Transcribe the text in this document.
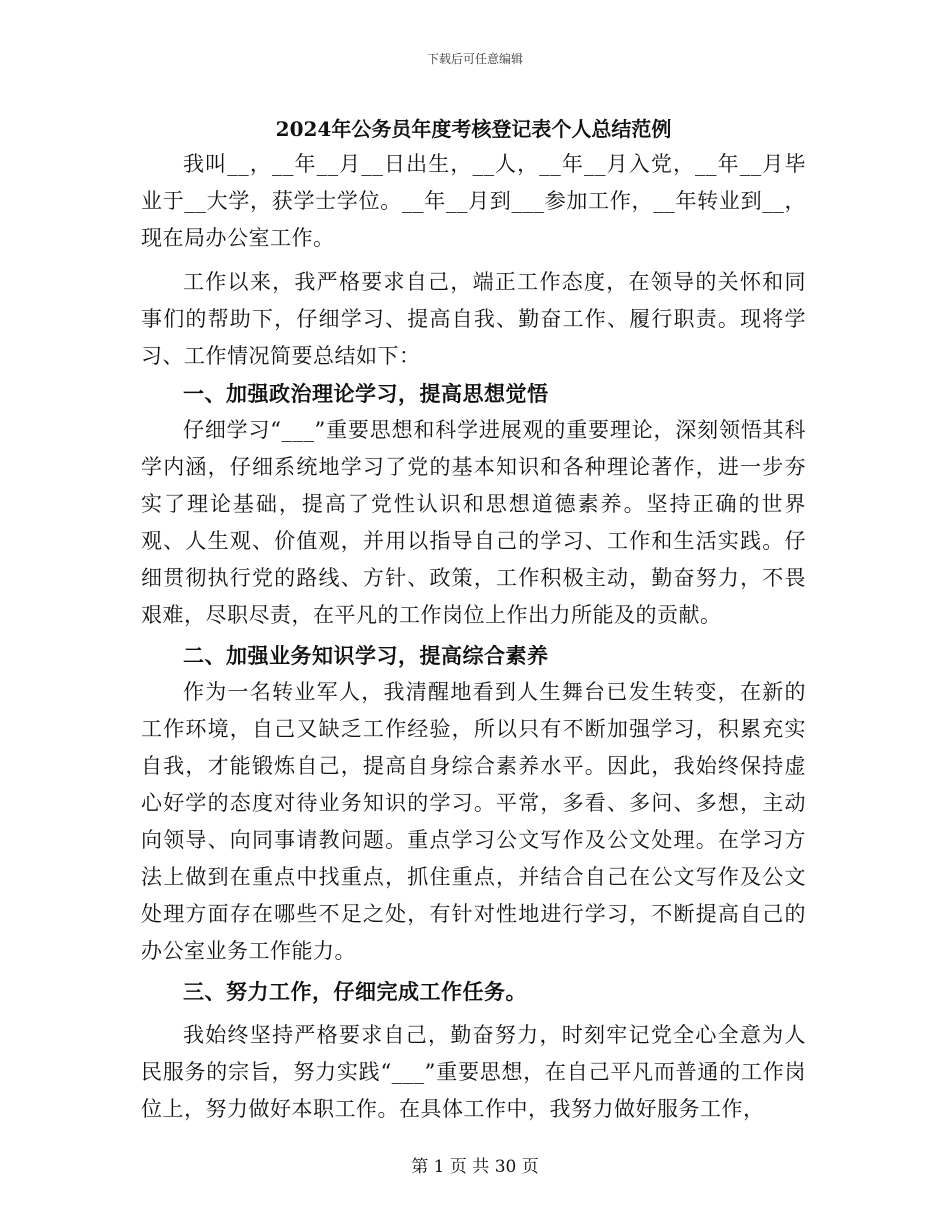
下载后可任意编辑
2024年公务员年度考核登记表个人总结范例

我叫__，__年__月__日出生，__人，__年__月入党，__年__月毕业于__大学，获学士学位。__年__月到___参加工作，__年转业到__，现在局办公室工作。

工作以来，我严格要求自己，端正工作态度，在领导的关怀和同事们的帮助下，仔细学习、提高自我、勤奋工作、履行职责。现将学习、工作情况简要总结如下：

一、加强政治理论学习，提高思想觉悟

仔细学习“___”重要思想和科学进展观的重要理论，深刻领悟其科学内涵，仔细系统地学习了党的基本知识和各种理论著作，进一步夯实了理论基础，提高了党性认识和思想道德素养。坚持正确的世界观、人生观、价值观，并用以指导自己的学习、工作和生活实践。仔细贯彻执行党的路线、方针、政策，工作积极主动，勤奋努力，不畏艰难，尽职尽责，在平凡的工作岗位上作出力所能及的贡献。

二、加强业务知识学习，提高综合素养

作为一名转业军人，我清醒地看到人生舞台已发生转变，在新的工作环境，自己又缺乏工作经验，所以只有不断加强学习，积累充实自我，才能锻炼自己，提高自身综合素养水平。因此，我始终保持虚心好学的态度对待业务知识的学习。平常，多看、多问、多想，主动向领导、向同事请教问题。重点学习公文写作及公文处理。在学习方法上做到在重点中找重点，抓住重点，并结合自己在公文写作及公文处理方面存在哪些不足之处，有针对性地进行学习，不断提高自己的办公室业务工作能力。

三、努力工作，仔细完成工作任务。

我始终坚持严格要求自己，勤奋努力，时刻牢记党全心全意为人民服务的宗旨，努力实践“___”重要思想，在自己平凡而普通的工作岗位上，努力做好本职工作。在具体工作中，我努力做好服务工作，

第 1 页 共 30 页
